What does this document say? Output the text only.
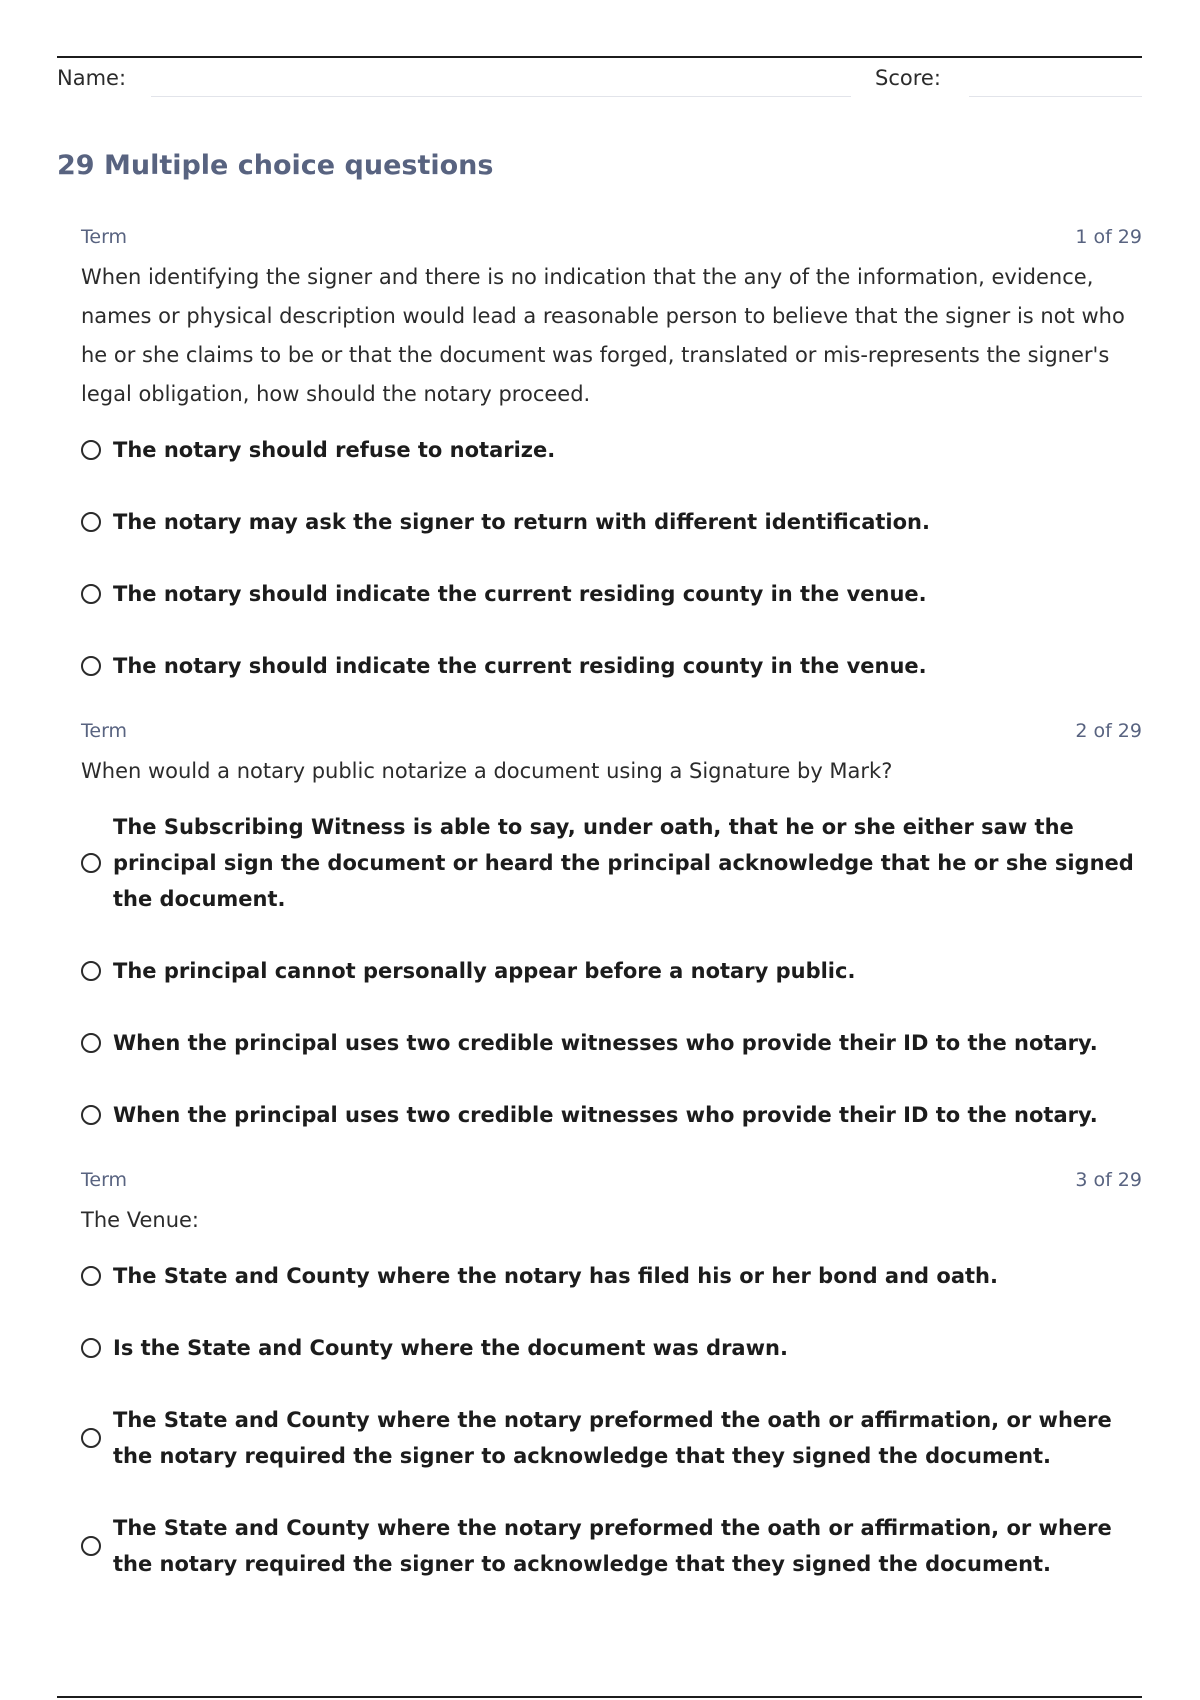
Name:	Score:
29 Multiple choice questions
Term	1 of 29
When identifying the signer and there is no indication that the any of the information, evidence, names or physical description would lead a reasonable person to believe that the signer is not who he or she claims to be or that the document was forged, translated or mis-represents the signer's legal obligation, how should the notary proceed.
The notary should refuse to notarize.
The notary may ask the signer to return with different identification.
The notary should indicate the current residing county in the venue.
The notary should indicate the current residing county in the venue.
Term	2 of 29
When would a notary public notarize a document using a Signature by Mark?
The Subscribing Witness is able to say, under oath, that he or she either saw the principal sign the document or heard the principal acknowledge that he or she signed the document.
The principal cannot personally appear before a notary public.
When the principal uses two credible witnesses who provide their ID to the notary.
When the principal uses two credible witnesses who provide their ID to the notary.
Term	3 of 29
The Venue:
The State and County where the notary has filed his or her bond and oath.
Is the State and County where the document was drawn.
The State and County where the notary preformed the oath or affirmation, or where the notary required the signer to acknowledge that they signed the document.
The State and County where the notary preformed the oath or affirmation, or where the notary required the signer to acknowledge that they signed the document.
